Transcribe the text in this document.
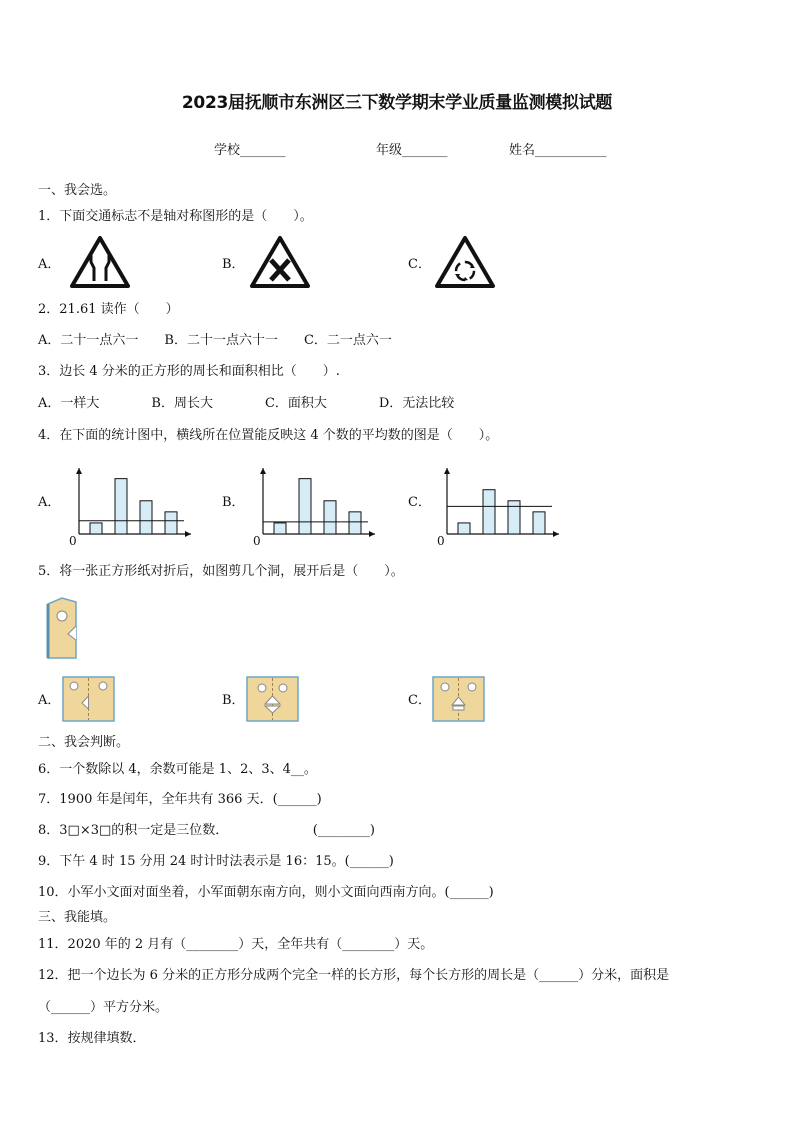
2023届抚顺市东洲区三下数学期末学业质量监测模拟试题
学校_______	年级_______	姓名___________
一、我会选。
1．下面交通标志不是轴对称图形的是（　　）。
A．	B．	C．
2．21.61 读作（　　）
A．二十一点六一　　B．二十一点六十一　　C．二一点六一
3．边长 4 分米的正方形的周长和面积相比（　　）.
A．一样大　　　　B．周长大　　　　C．面积大　　　　D．无法比较
4．在下面的统计图中，横线所在位置能反映这 4 个数的平均数的图是（　　）。
A．	B．	C．
0	0	0
5．将一张正方形纸对折后，如图剪几个洞，展开后是（　　）。
A．	B．	C．
二、我会判断。
6．一个数除以 4，余数可能是 1、2、3、4__。
7．1900 年是闰年，全年共有 366 天．(______)
8．3□×3□的积一定是三位数．　　　　　　　(________)
9．下午 4 时 15 分用 24 时计时法表示是 16：15。(______)
10．小军小文面对面坐着，小军面朝东南方向，则小文面向西南方向。(______)
三、我能填。
11．2020 年的 2 月有（________）天，全年共有（________）天。
12．把一个边长为 6 分米的正方形分成两个完全一样的长方形，每个长方形的周长是（______）分米，面积是
（______）平方分米。
13．按规律填数．
